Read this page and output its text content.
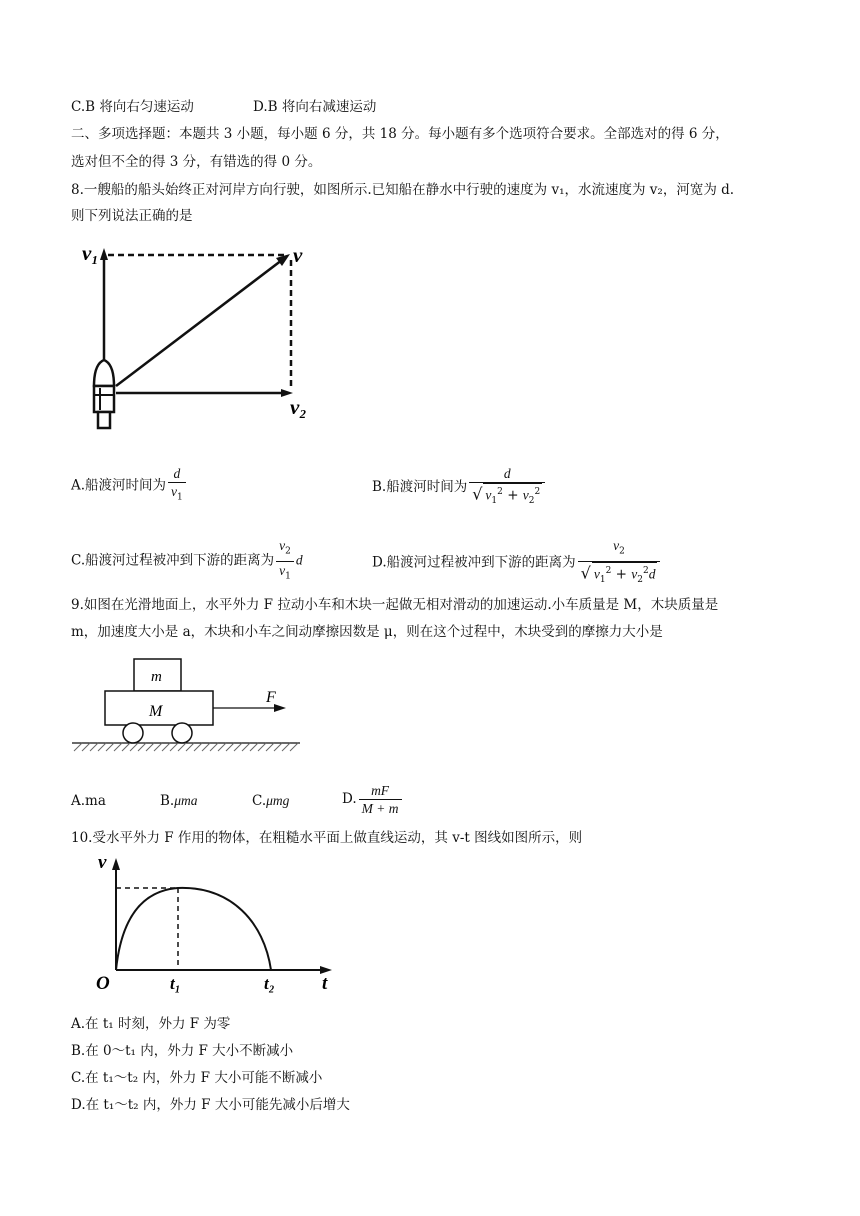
C.B 将向右匀速运动	D.B 将向右减速运动
二、多项选择题：本题共 3 小题，每小题 6 分，共 18 分。每小题有多个选项符合要求。全部选对的得 6 分，
选对但不全的得 3 分，有错选的得 0 分。
8.一艘船的船头始终正对河岸方向行驶，如图所示.已知船在静水中行驶的速度为 v₁，水流速度为 v₂，河宽为 d.
则下列说法正确的是
v₁	v
v₂
A.船渡河时间为 $\frac{d}{v_1}$	B.船渡河时间为 $\frac{d}{√ v_1^2 + v_2^2}$
C.船渡河过程被冲到下游的距离为 $\frac{v_2}{v_1}$ d	D.船渡河过程被冲到下游的距离为 $\frac{v_2}{√ v_1^2 + v_2^2d}$
9.如图在光滑地面上，水平外力 F 拉动小车和木块一起做无相对滑动的加速运动.小车质量是 M，木块质量是
m，加速度大小是 a，木块和小车之间动摩擦因数是 μ，则在这个过程中，木块受到的摩擦力大小是
m
M
F
A.ma	B.μma	C.μmg	D. $\frac{mF}{M + m}$
10.受水平外力 F 作用的物体，在粗糙水平面上做直线运动，其 v-t 图线如图所示，则
v
O	t₁	t₂ t
A.在 t₁ 时刻，外力 F 为零
B.在 0～t₁ 内，外力 F 大小不断减小
C.在 t₁～t₂ 内，外力 F 大小可能不断减小
D.在 t₁～t₂ 内，外力 F 大小可能先减小后增大
